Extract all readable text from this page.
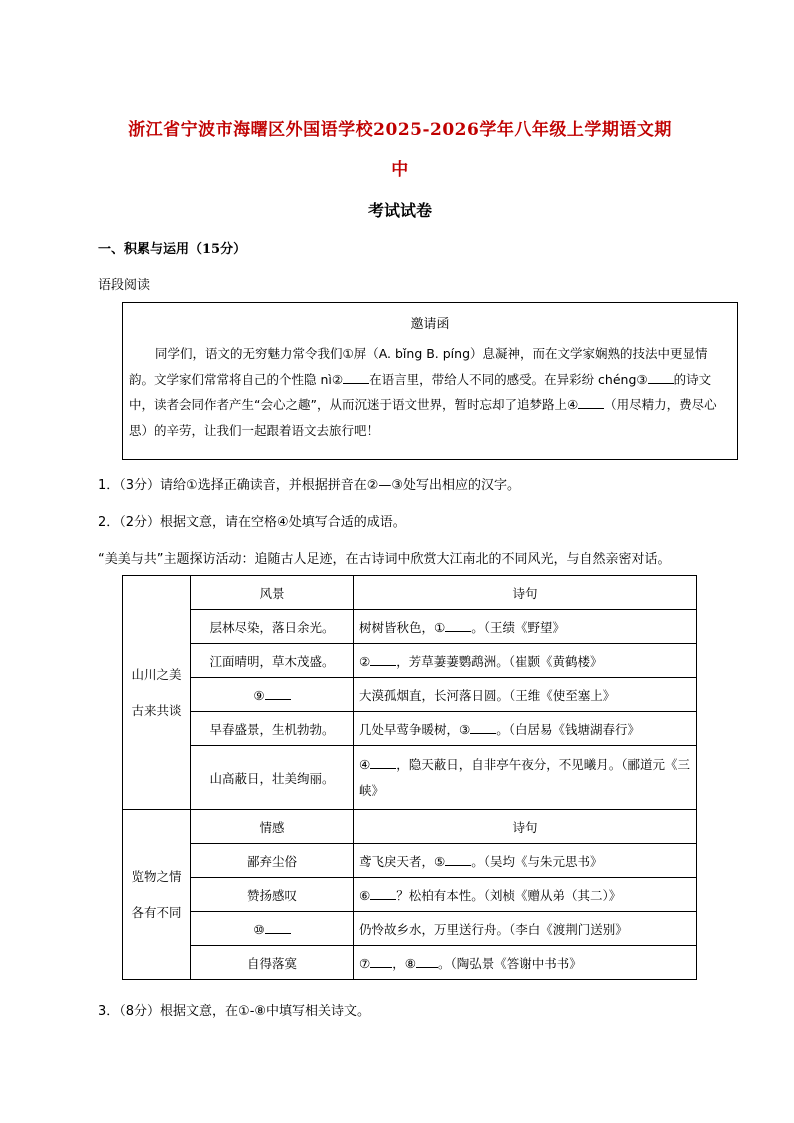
浙江省宁波市海曙区外国语学校2025-2026学年八年级上学期语文期
中
考试试卷
一、积累与运用（15分）
语段阅读
邀请函
同学们，语文的无穷魅力常令我们①屏（A. bǐng B. píng）息凝神，而在文学家娴熟的技法中更显情韵。文学家们常常将自己的个性隐 nì② 在语言里，带给人不同的感受。在异彩纷 chéng③ 的诗文中，读者会同作者产生“会心之趣”，从而沉迷于语文世界，暂时忘却了追梦路上④ （用尽精力，费尽心思）的辛劳，让我们一起跟着语文去旅行吧！
1．（3分）请给①选择正确读音，并根据拼音在②—③处写出相应的汉字。
2．（2分）根据文意，请在空格④处填写合适的成语。
“美美与共”主题探访活动：追随古人足迹，在古诗词中欣赏大江南北的不同风光，与自然亲密对话。
山川之美

古来共谈	风景	诗句
	层林尽染，落日余光。	树树皆秋色，① 。（王绩《野望》
	江面晴明，草木茂盛。	② ，芳草萋萋鹦鹉洲。（崔颢《黄鹤楼》
	⑨	大漠孤烟直，长河落日圆。（王维《使至塞上》
	早春盛景，生机勃勃。	几处早莺争暖树，③ 。（白居易《钱塘湖春行》
	山高蔽日，壮美绚丽。	④ ，隐天蔽日，自非亭午夜分，不见曦月。（郦道元《三峡》
览物之情

各有不同	情感	诗句
	鄙弃尘俗	鸢飞戾天者，⑤ 。（吴均《与朱元思书》
	赞扬感叹	⑥ ？松柏有本性。（刘桢《赠从弟（其二）》
	⑩	仍怜故乡水，万里送行舟。（李白《渡荆门送别》
	自得落寞	⑦ ，⑧ 。（陶弘景《答谢中书书》
3．（8分）根据文意，在①-⑧中填写相关诗文。
